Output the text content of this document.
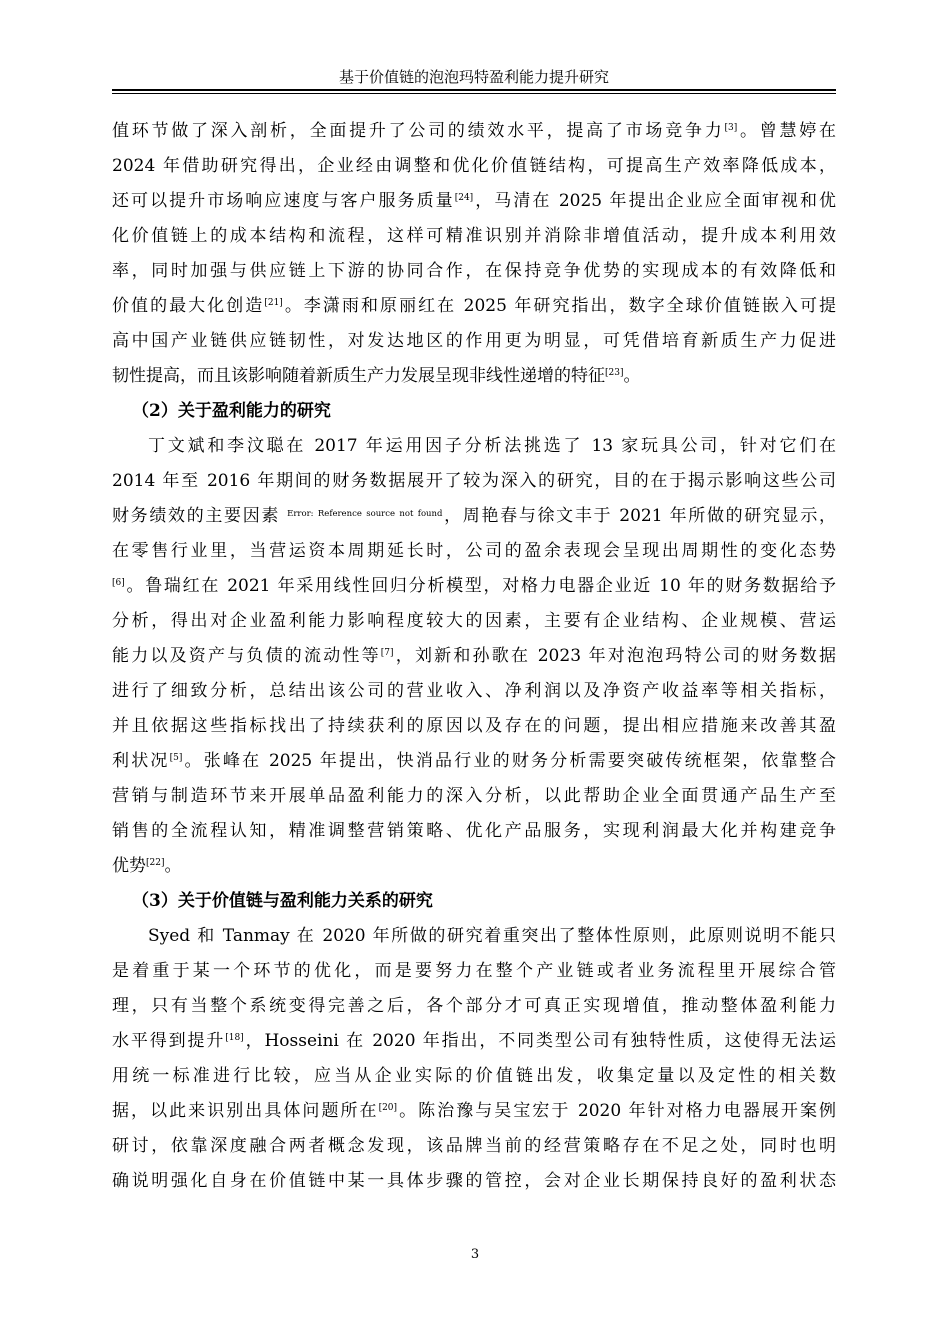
基于价值链的泡泡玛特盈利能力提升研究
值环节做了深入剖析，全面提升了公司的绩效水平，提高了市场竞争力[3]。曾慧婷在
2024 年借助研究得出，企业经由调整和优化价值链结构，可提高生产效率降低成本，
还可以提升市场响应速度与客户服务质量[24]，马清在 2025 年提出企业应全面审视和优
化价值链上的成本结构和流程，这样可精准识别并消除非增值活动，提升成本利用效
率，同时加强与供应链上下游的协同合作，在保持竞争优势的实现成本的有效降低和
价值的最大化创造[21]。李潇雨和原丽红在 2025 年研究指出，数字全球价值链嵌入可提
高中国产业链供应链韧性，对发达地区的作用更为明显，可凭借培育新质生产力促进
韧性提高，而且该影响随着新质生产力发展呈现非线性递增的特征[23]。
（2）关于盈利能力的研究
丁文斌和李汶聪在 2017 年运用因子分析法挑选了 13 家玩具公司，针对它们在
2014 年至 2016 年期间的财务数据展开了较为深入的研究，目的在于揭示影响这些公司
财务绩效的主要因素 $^{Error: Reference source not found}$，周艳春与徐文丰于 2021 年所做的研究显示，
在零售行业里，当营运资本周期延长时，公司的盈余表现会呈现出周期性的变化态势
[6]。鲁瑞红在 2021 年采用线性回归分析模型，对格力电器企业近 10 年的财务数据给予
分析，得出对企业盈利能力影响程度较大的因素，主要有企业结构、企业规模、营运
能力以及资产与负债的流动性等[7]，刘新和孙歌在 2023 年对泡泡玛特公司的财务数据
进行了细致分析，总结出该公司的营业收入、净利润以及净资产收益率等相关指标，
并且依据这些指标找出了持续获利的原因以及存在的问题，提出相应措施来改善其盈
利状况[5]。张峰在 2025 年提出，快消品行业的财务分析需要突破传统框架，依靠整合
营销与制造环节来开展单品盈利能力的深入分析，以此帮助企业全面贯通产品生产至
销售的全流程认知，精准调整营销策略、优化产品服务，实现利润最大化并构建竞争
优势[22]。
（3）关于价值链与盈利能力关系的研究
Syed 和 Tanmay 在 2020 年所做的研究着重突出了整体性原则，此原则说明不能只
是着重于某一个环节的优化，而是要努力在整个产业链或者业务流程里开展综合管
理，只有当整个系统变得完善之后，各个部分才可真正实现增值，推动整体盈利能力
水平得到提升[18]，Hosseini 在 2020 年指出，不同类型公司有独特性质，这使得无法运
用统一标准进行比较，应当从企业实际的价值链出发，收集定量以及定性的相关数
据，以此来识别出具体问题所在[20]。陈治豫与吴宝宏于 2020 年针对格力电器展开案例
研讨，依靠深度融合两者概念发现，该品牌当前的经营策略存在不足之处，同时也明
确说明强化自身在价值链中某一具体步骤的管控，会对企业长期保持良好的盈利状态
3
